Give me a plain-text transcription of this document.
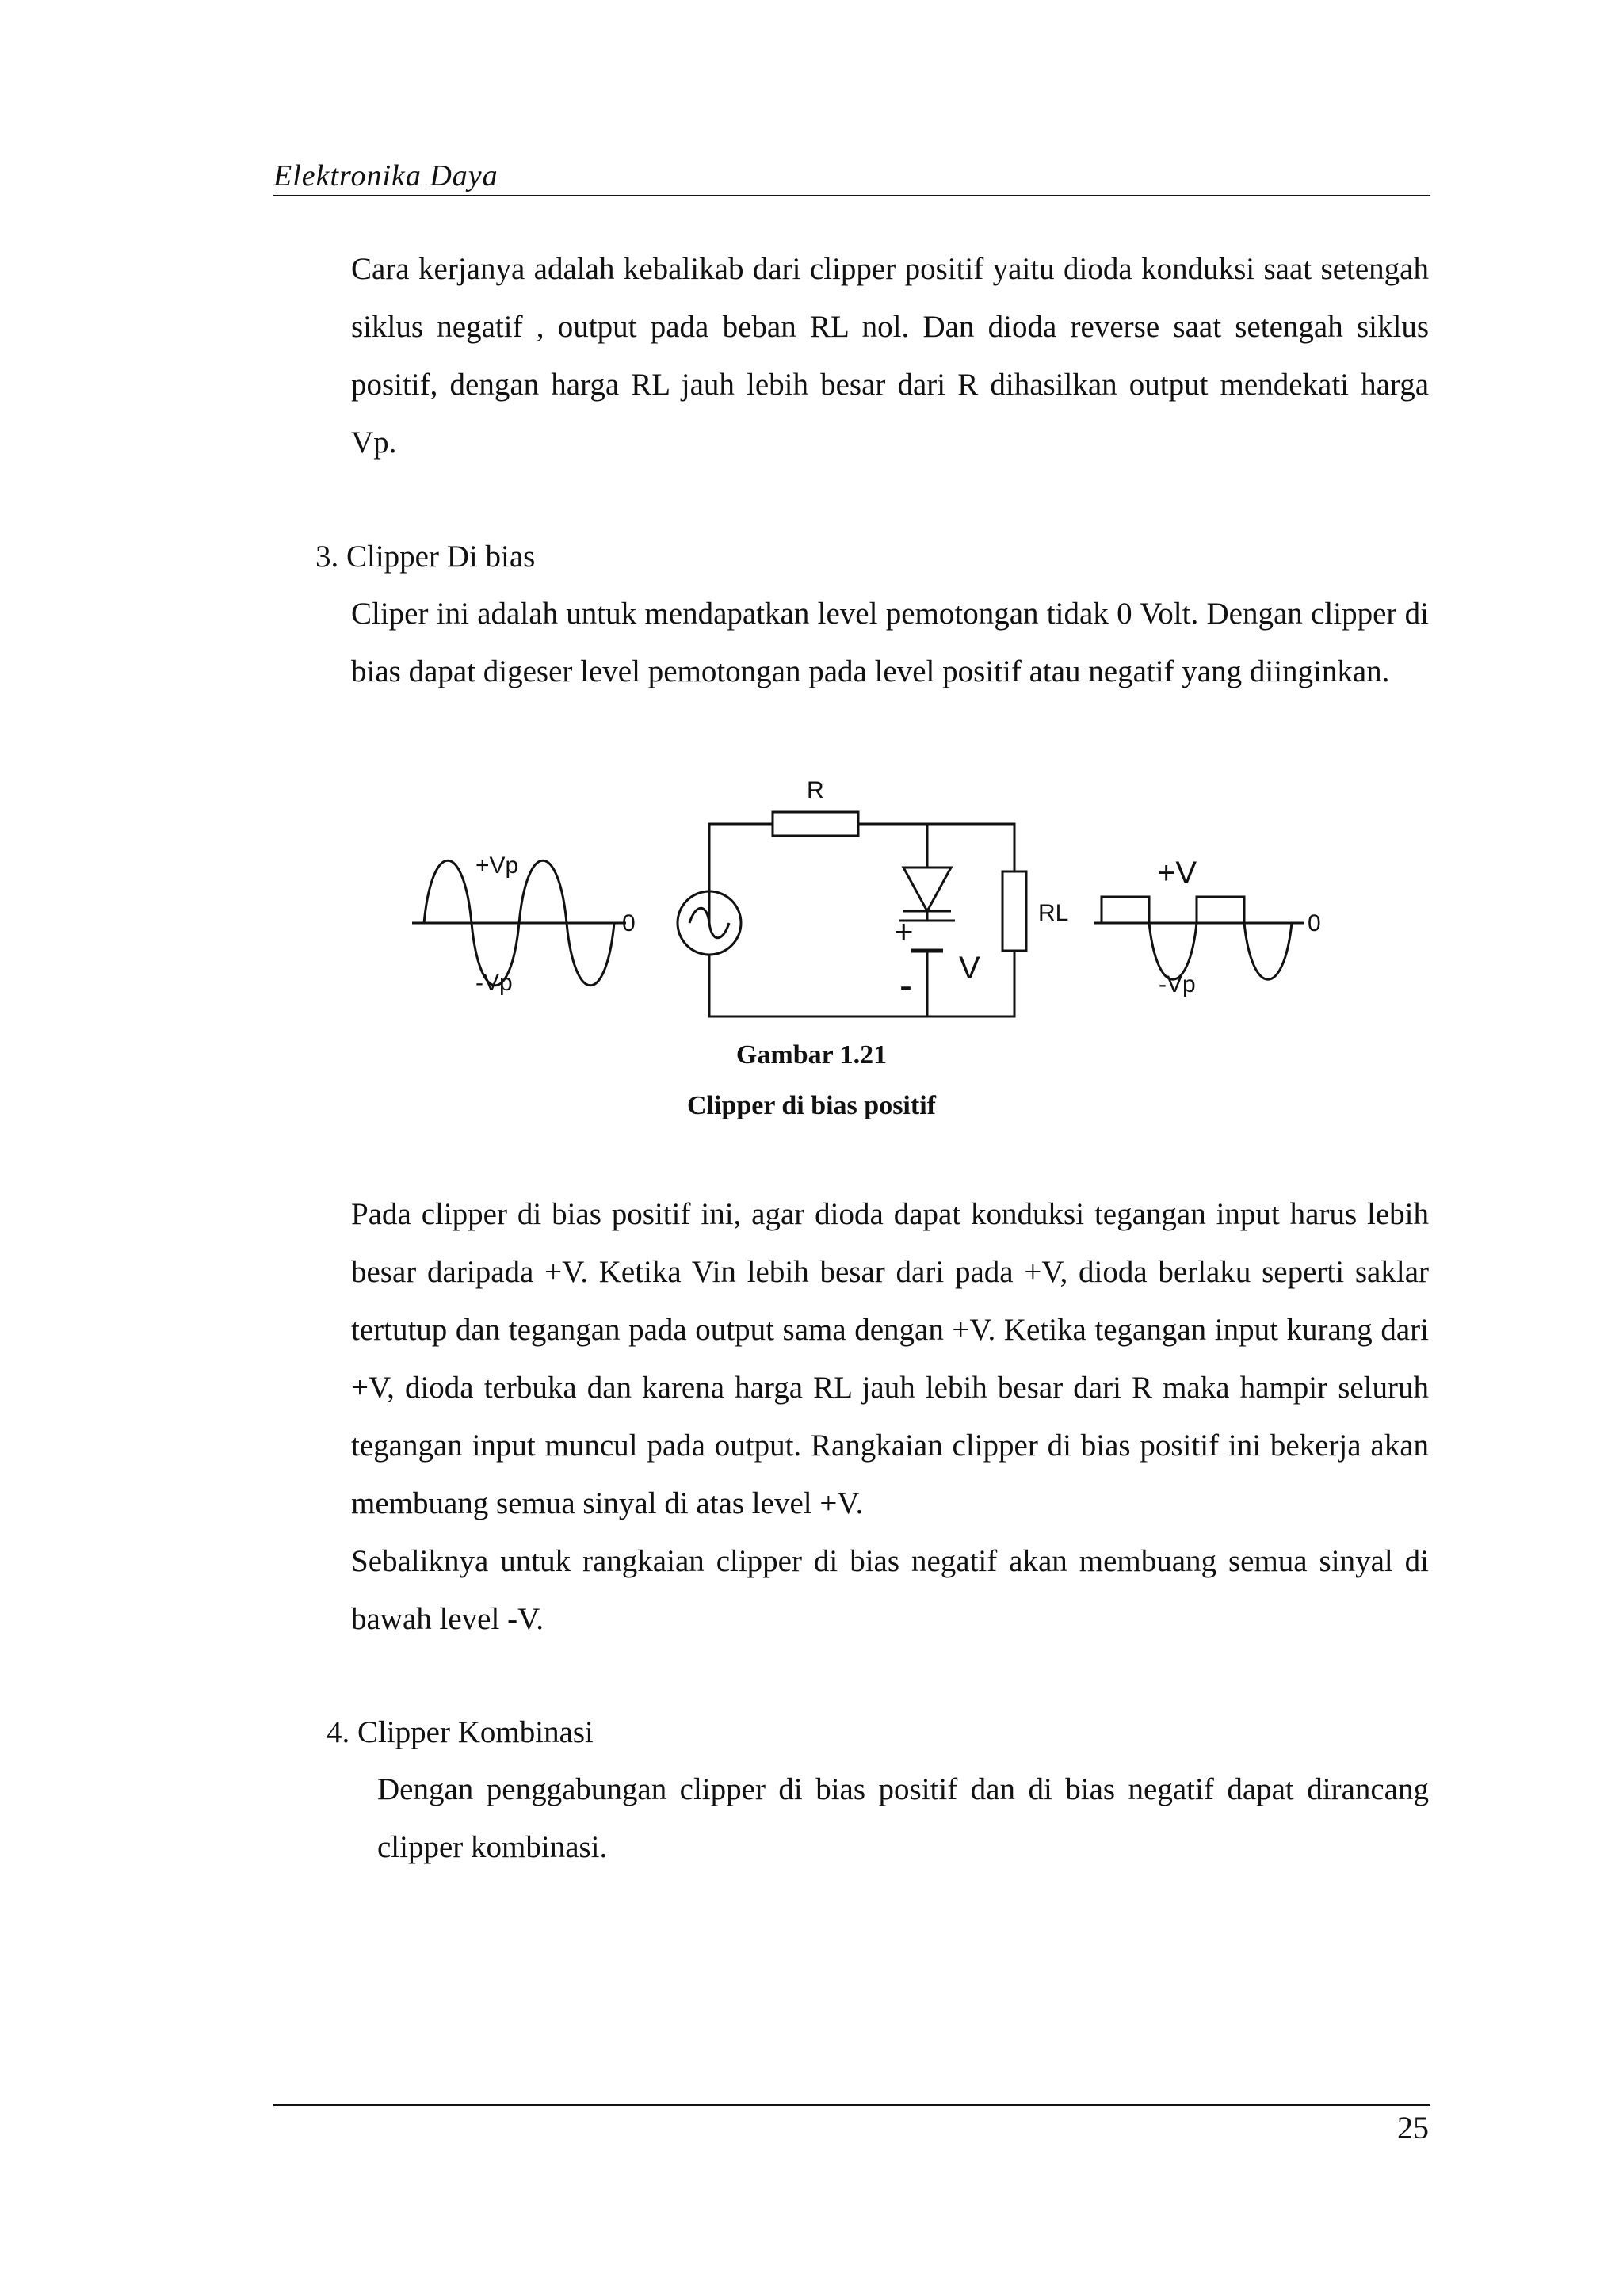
Elektronika Daya

Cara kerjanya adalah kebalikab dari clipper positif yaitu dioda konduksi saat setengah siklus negatif , output pada beban RL nol. Dan dioda reverse saat setengah siklus positif, dengan harga RL jauh lebih besar dari R dihasilkan output mendekati harga Vp.

3. Clipper Di bias

Cliper ini adalah untuk mendapatkan level pemotongan tidak 0 Volt. Dengan clipper di bias dapat digeser level pemotongan pada level positif atau negatif yang diinginkan.

+Vp
-Vp
0
R
RL
+
- V
+V
0
-Vp
Gambar 1.21
Clipper di bias positif

Pada clipper di bias positif ini, agar dioda dapat konduksi tegangan input harus lebih besar daripada +V. Ketika Vin lebih besar dari pada +V, dioda berlaku seperti saklar tertutup dan tegangan pada output sama dengan +V. Ketika tegangan input kurang dari +V, dioda terbuka dan karena harga RL jauh lebih besar dari R maka hampir seluruh tegangan input muncul pada output. Rangkaian clipper di bias positif ini bekerja akan membuang semua sinyal di atas level +V.

Sebaliknya untuk rangkaian clipper di bias negatif akan membuang semua sinyal di bawah level -V.

4. Clipper Kombinasi

Dengan penggabungan clipper di bias positif dan di bias negatif dapat dirancang clipper kombinasi.

25
